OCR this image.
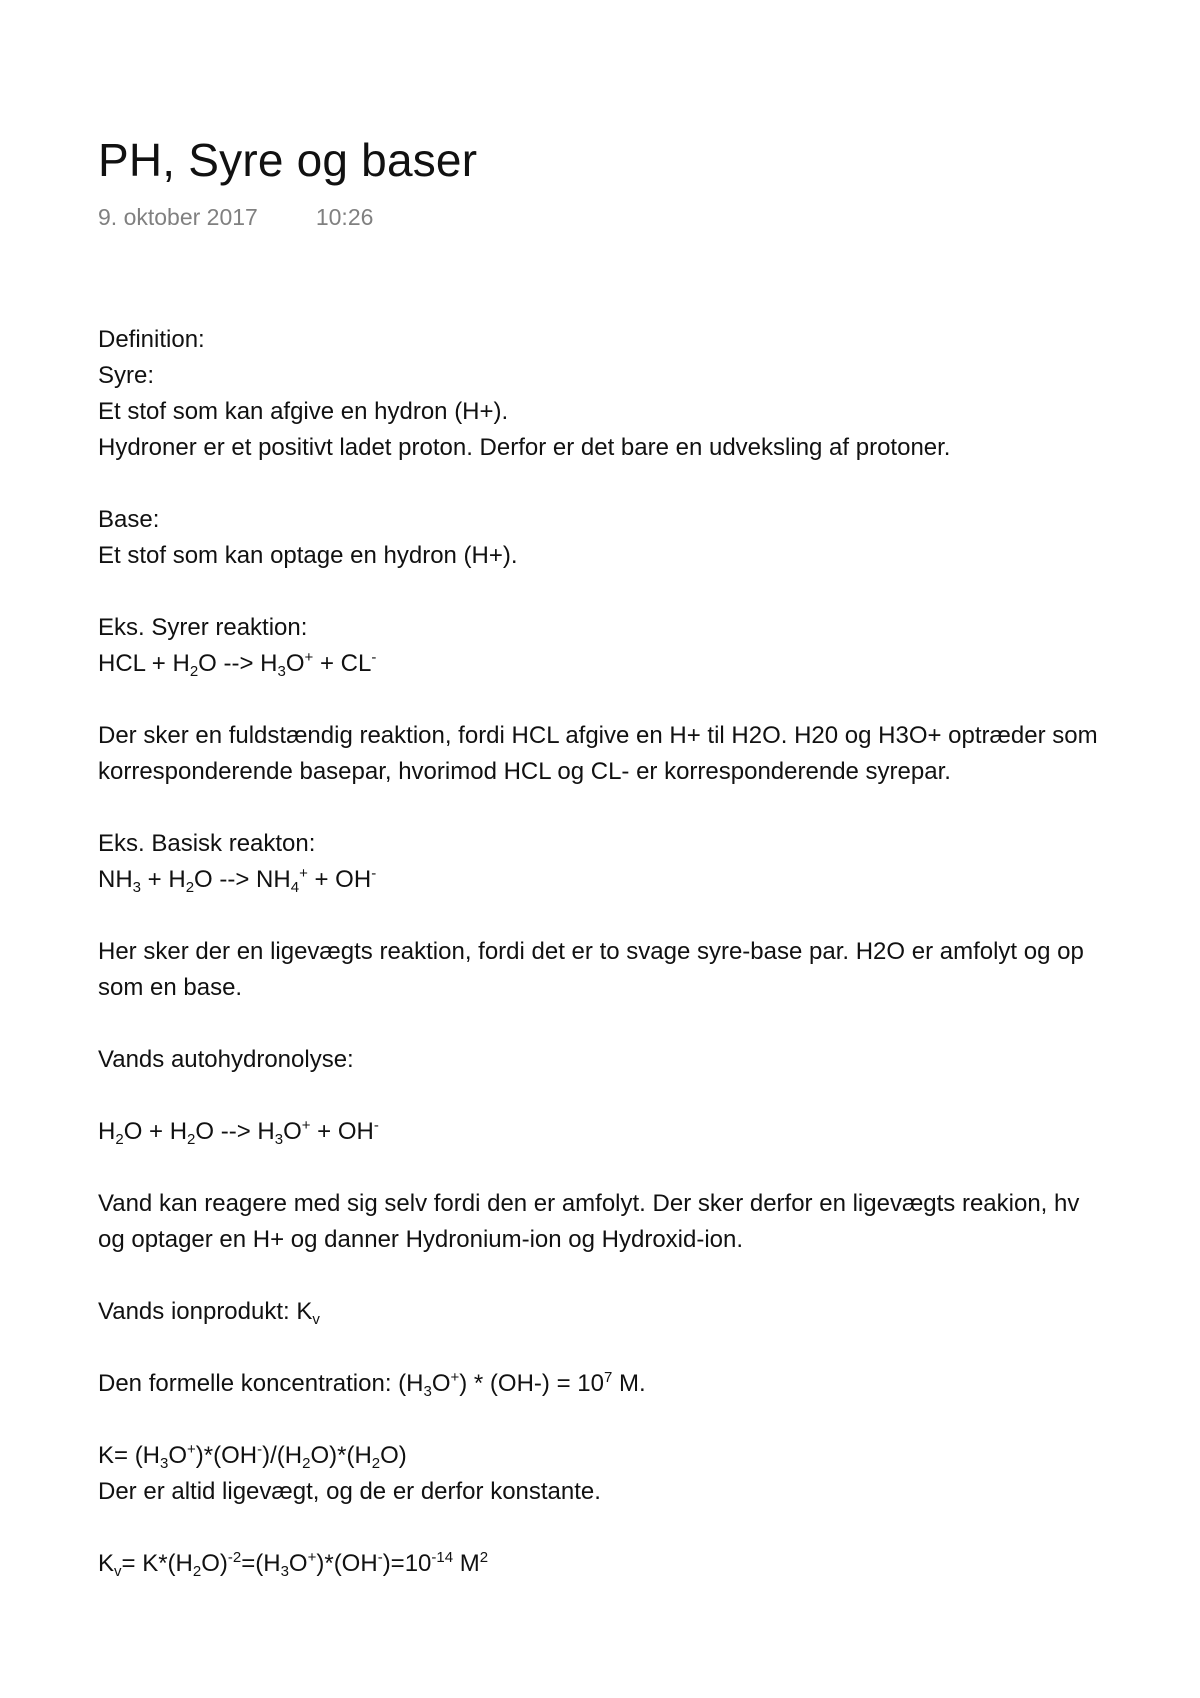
PH, Syre og baser
9. oktober 2017	10:26
Definition:
Syre:
Et stof som kan afgive en hydron (H+).
Hydroner er et positivt ladet proton. Derfor er det bare en udveksling af protoner.
Base:
Et stof som kan optage en hydron (H+).
Eks. Syrer reaktion:
HCL + $H_2O$ --> $H_3O^+ + CL^-$
Der sker en fuldstændig reaktion, fordi HCL afgive en H+ til H2O. H20 og H3O+ optræder som
korresponderende basepar, hvorimod HCL og CL- er korresponderende syrepar.
Eks. Basisk reakton:
$NH_3 + H_2O$ --> $NH_4^+ + OH^-$
Her sker der en ligevægts reaktion, fordi det er to svage syre-base par. H2O er amfolyt og op
som en base.
Vands autohydronolyse:
$H_2O + H_2O$ --> $H_3O^+ + OH^-$
Vand kan reagere med sig selv fordi den er amfolyt. Der sker derfor en ligevægts reakion, hv
og optager en H+ og danner Hydronium-ion og Hydroxid-ion.
Vands ionprodukt: $K_v$
Den formelle koncentration: $(H_3O^+) * (OH-) = 10^7$ M.
$K= (H_3O^+)*(OH^-)/(H_2O)*(H_2O)$
Der er altid ligevægt, og de er derfor konstante.
$K_v= K*(H_2O)^{-2}=(H_3O^+)*(OH^-)=10^{-14}$ $M^2$
